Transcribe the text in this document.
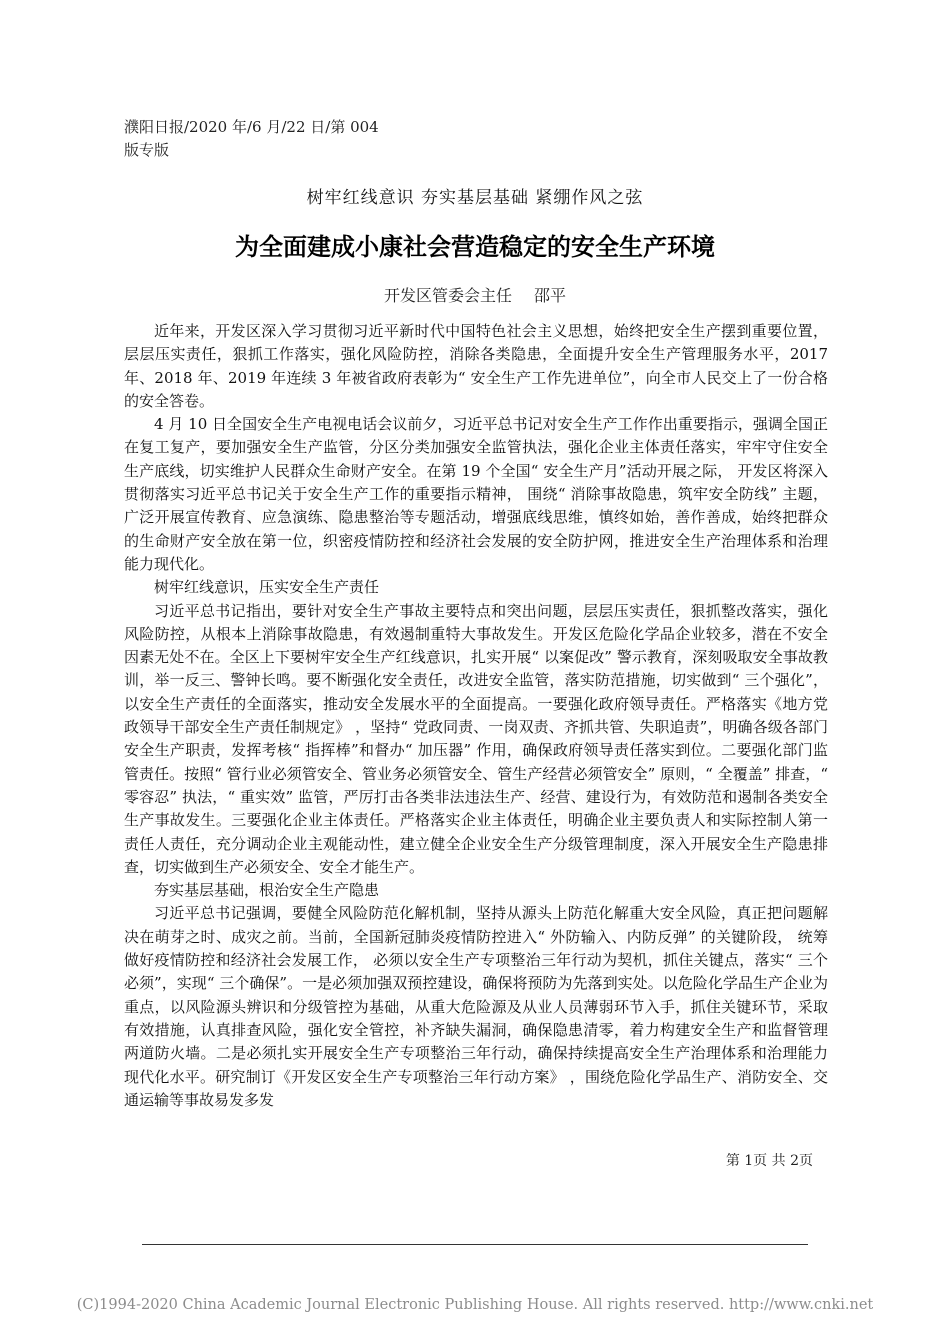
濮阳日报/2020 年/6 月/22 日/第 004 版专版
树牢红线意识 夯实基层基础 紧绷作风之弦
为全面建成小康社会营造稳定的安全生产环境
开发区管委会主任 邵平

近年来，开发区深入学习贯彻习近平新时代中国特色社会主义思想，始终把安全生产摆到重要位置，层层压实责任，狠抓工作落实，强化风险防控，消除各类隐患，全面提升安全生产管理服务水平，2017 年、2018 年、2019 年连续 3 年被省政府表彰为“ 安全生产工作先进单位”，向全市人民交上了一份合格的安全答卷。

4 月 10 日全国安全生产电视电话会议前夕，习近平总书记对安全生产工作作出重要指示，强调全国正在复工复产，要加强安全生产监管，分区分类加强安全监管执法，强化企业主体责任落实，牢牢守住安全生产底线，切实维护人民群众生命财产安全。在第 19 个全国“ 安全生产月”活动开展之际， 开发区将深入贯彻落实习近平总书记关于安全生产工作的重要指示精神， 围绕“ 消除事故隐患，筑牢安全防线” 主题，广泛开展宣传教育、应急演练、隐患整治等专题活动，增强底线思维，慎终如始，善作善成，始终把群众的生命财产安全放在第一位，织密疫情防控和经济社会发展的安全防护网，推进安全生产治理体系和治理能力现代化。

树牢红线意识，压实安全生产责任

习近平总书记指出，要针对安全生产事故主要特点和突出问题，层层压实责任，狠抓整改落实，强化风险防控，从根本上消除事故隐患，有效遏制重特大事故发生。开发区危险化学品企业较多，潜在不安全因素无处不在。全区上下要树牢安全生产红线意识，扎实开展“ 以案促改” 警示教育，深刻吸取安全事故教训，举一反三、警钟长鸣。要不断强化安全责任，改进安全监管，落实防范措施，切实做到“ 三个强化”，以安全生产责任的全面落实，推动安全发展水平的全面提高。一要强化政府领导责任。严格落实《地方党政领导干部安全生产责任制规定》 ，坚持“ 党政同责、一岗双责、齐抓共管、失职追责”，明确各级各部门安全生产职责，发挥考核“ 指挥棒”和督办“ 加压器” 作用，确保政府领导责任落实到位。二要强化部门监管责任。按照“ 管行业必须管安全、管业务必须管安全、管生产经营必须管安全” 原则，“ 全覆盖” 排查，“ 零容忍” 执法，“ 重实效” 监管，严厉打击各类非法违法生产、经营、建设行为，有效防范和遏制各类安全生产事故发生。三要强化企业主体责任。严格落实企业主体责任，明确企业主要负责人和实际控制人第一责任人责任，充分调动企业主观能动性，建立健全企业安全生产分级管理制度，深入开展安全生产隐患排查，切实做到生产必须安全、安全才能生产。

夯实基层基础，根治安全生产隐患

习近平总书记强调，要健全风险防范化解机制，坚持从源头上防范化解重大安全风险，真正把问题解决在萌芽之时、成灾之前。当前，全国新冠肺炎疫情防控进入“ 外防输入、内防反弹” 的关键阶段， 统筹做好疫情防控和经济社会发展工作， 必须以安全生产专项整治三年行动为契机，抓住关键点，落实“ 三个必须”，实现“ 三个确保”。一是必须加强双预控建设，确保将预防为先落到实处。以危险化学品生产企业为重点，以风险源头辨识和分级管控为基础，从重大危险源及从业人员薄弱环节入手，抓住关键环节，采取有效措施，认真排查风险，强化安全管控，补齐缺失漏洞，确保隐患清零，着力构建安全生产和监督管理两道防火墙。二是必须扎实开展安全生产专项整治三年行动，确保持续提高安全生产治理体系和治理能力现代化水平。研究制订《开发区安全生产专项整治三年行动方案》 ，围绕危险化学品生产、消防安全、交通运输等事故易发多发

第 1页 共 2页
(C)1994-2020 China Academic Journal Electronic Publishing House. All rights reserved. http://www.cnki.net
